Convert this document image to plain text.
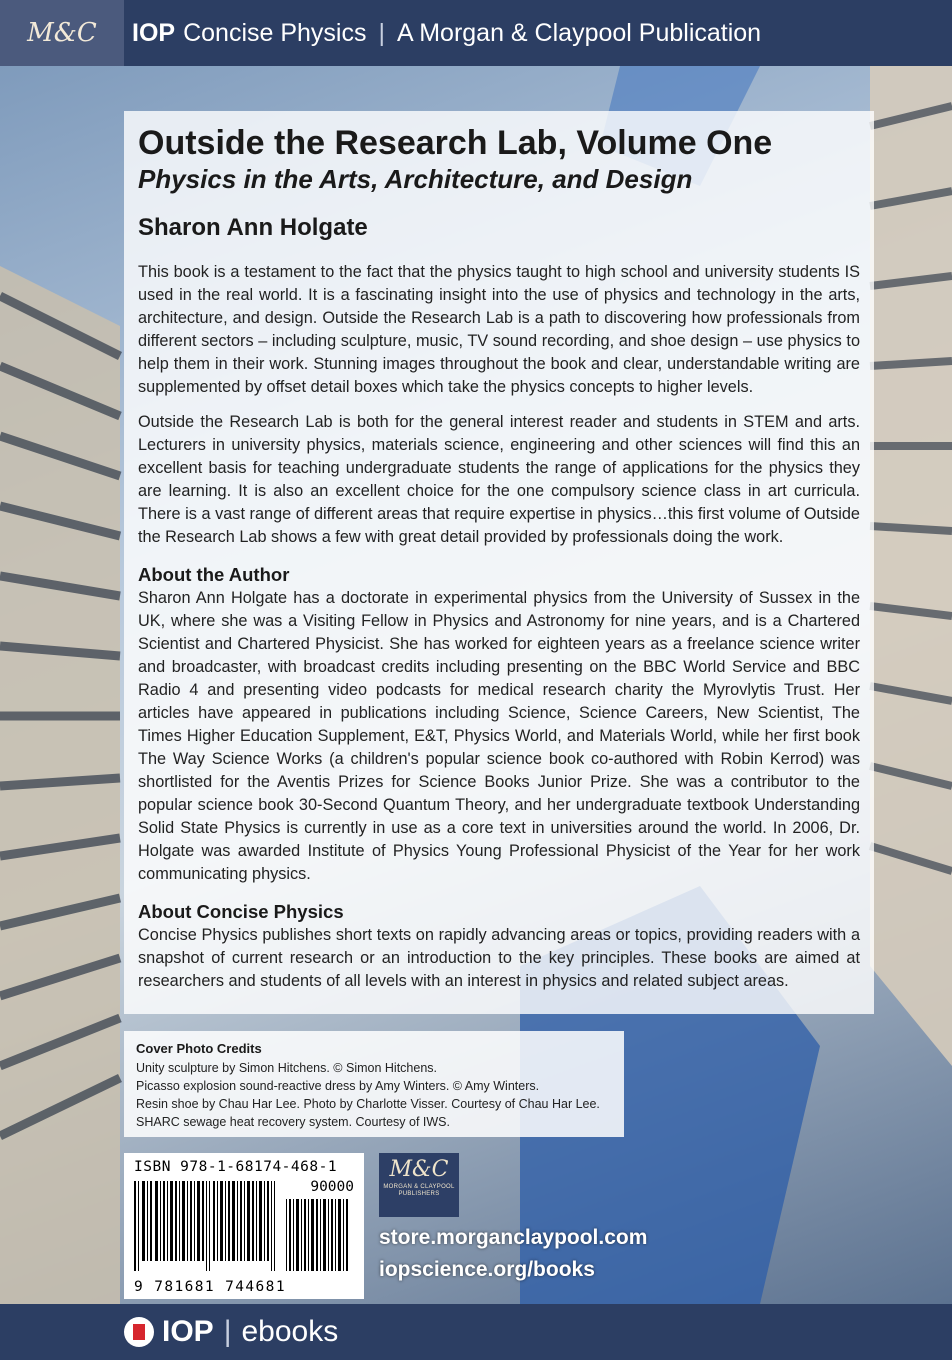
M&C	IOP Concise Physics | A Morgan & Claypool Publication
Outside the Research Lab, Volume One
Physics in the Arts, Architecture, and Design
Sharon Ann Holgate

This book is a testament to the fact that the physics taught to high school and university students IS used in the real world. It is a fascinating insight into the use of physics and technology in the arts, architecture, and design. Outside the Research Lab is a path to discovering how professionals from different sectors – including sculpture, music, TV sound recording, and shoe design – use physics to help them in their work. Stunning images throughout the book and clear, understandable writing are supplemented by offset detail boxes which take the physics concepts to higher levels.

Outside the Research Lab is both for the general interest reader and students in STEM and arts. Lecturers in university physics, materials science, engineering and other sciences will find this an excellent basis for teaching undergraduate students the range of applications for the physics they are learning. It is also an excellent choice for the one compulsory science class in art curricula. There is a vast range of different areas that require expertise in physics…this first volume of Outside the Research Lab shows a few with great detail provided by professionals doing the work.

About the Author

Sharon Ann Holgate has a doctorate in experimental physics from the University of Sussex in the UK, where she was a Visiting Fellow in Physics and Astronomy for nine years, and is a Chartered Scientist and Chartered Physicist. She has worked for eighteen years as a freelance science writer and broadcaster, with broadcast credits including presenting on the BBC World Service and BBC Radio 4 and presenting video podcasts for medical research charity the Myrovlytis Trust. Her articles have appeared in publications including Science, Science Careers, New Scientist, The Times Higher Education Supplement, E&T, Physics World, and Materials World, while her first book The Way Science Works (a children's popular science book co-authored with Robin Kerrod) was shortlisted for the Aventis Prizes for Science Books Junior Prize. She was a contributor to the popular science book 30-Second Quantum Theory, and her undergraduate textbook Understanding Solid State Physics is currently in use as a core text in universities around the world. In 2006, Dr. Holgate was awarded Institute of Physics Young Professional Physicist of the Year for her work communicating physics.

About Concise Physics

Concise Physics publishes short texts on rapidly advancing areas or topics, providing readers with a snapshot of current research or an introduction to the key principles. These books are aimed at researchers and students of all levels with an interest in physics and related subject areas.

Cover Photo Credits

Unity sculpture by Simon Hitchens. © Simon Hitchens.

Picasso explosion sound-reactive dress by Amy Winters. © Amy Winters.

Resin shoe by Chau Har Lee. Photo by Charlotte Visser. Courtesy of Chau Har Lee.

SHARC sewage heat recovery system. Courtesy of IWS.

ISBN 978-1-68174-468-1

90000
9 781681 744681
M&C
MORGAN & CLAYPOOL PUBLISHERS
store.morganclaypool.com
iopscience.org/books
IOP | ebooks
